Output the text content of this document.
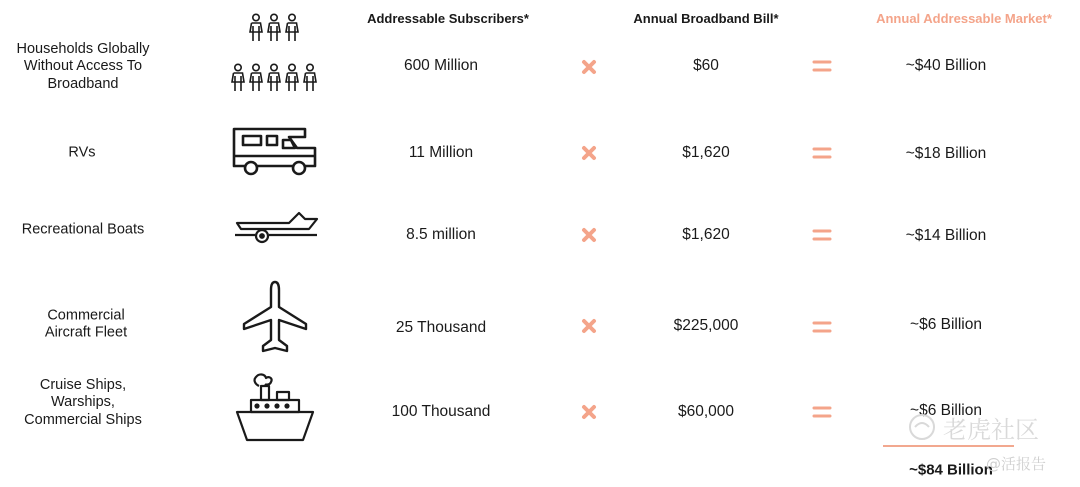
Addressable Subscribers*	Annual Broadband Bill*	Annual Addressable Market*
Households Globally
Without Access To
Broadband
RVs
Recreational Boats
Commercial
Aircraft Fleet
Cruise Ships,
Warships,
Commercial Ships
600 Million
11 Million
8.5 million
25 Thousand
100 Thousand
$60
$1,620
$1,620
$225,000
$60,000
~$40 Billion
~$18 Billion
~$14 Billion
~$6 Billion
~$6 Billion
~$84 Billion
老虎社区
@活报告
